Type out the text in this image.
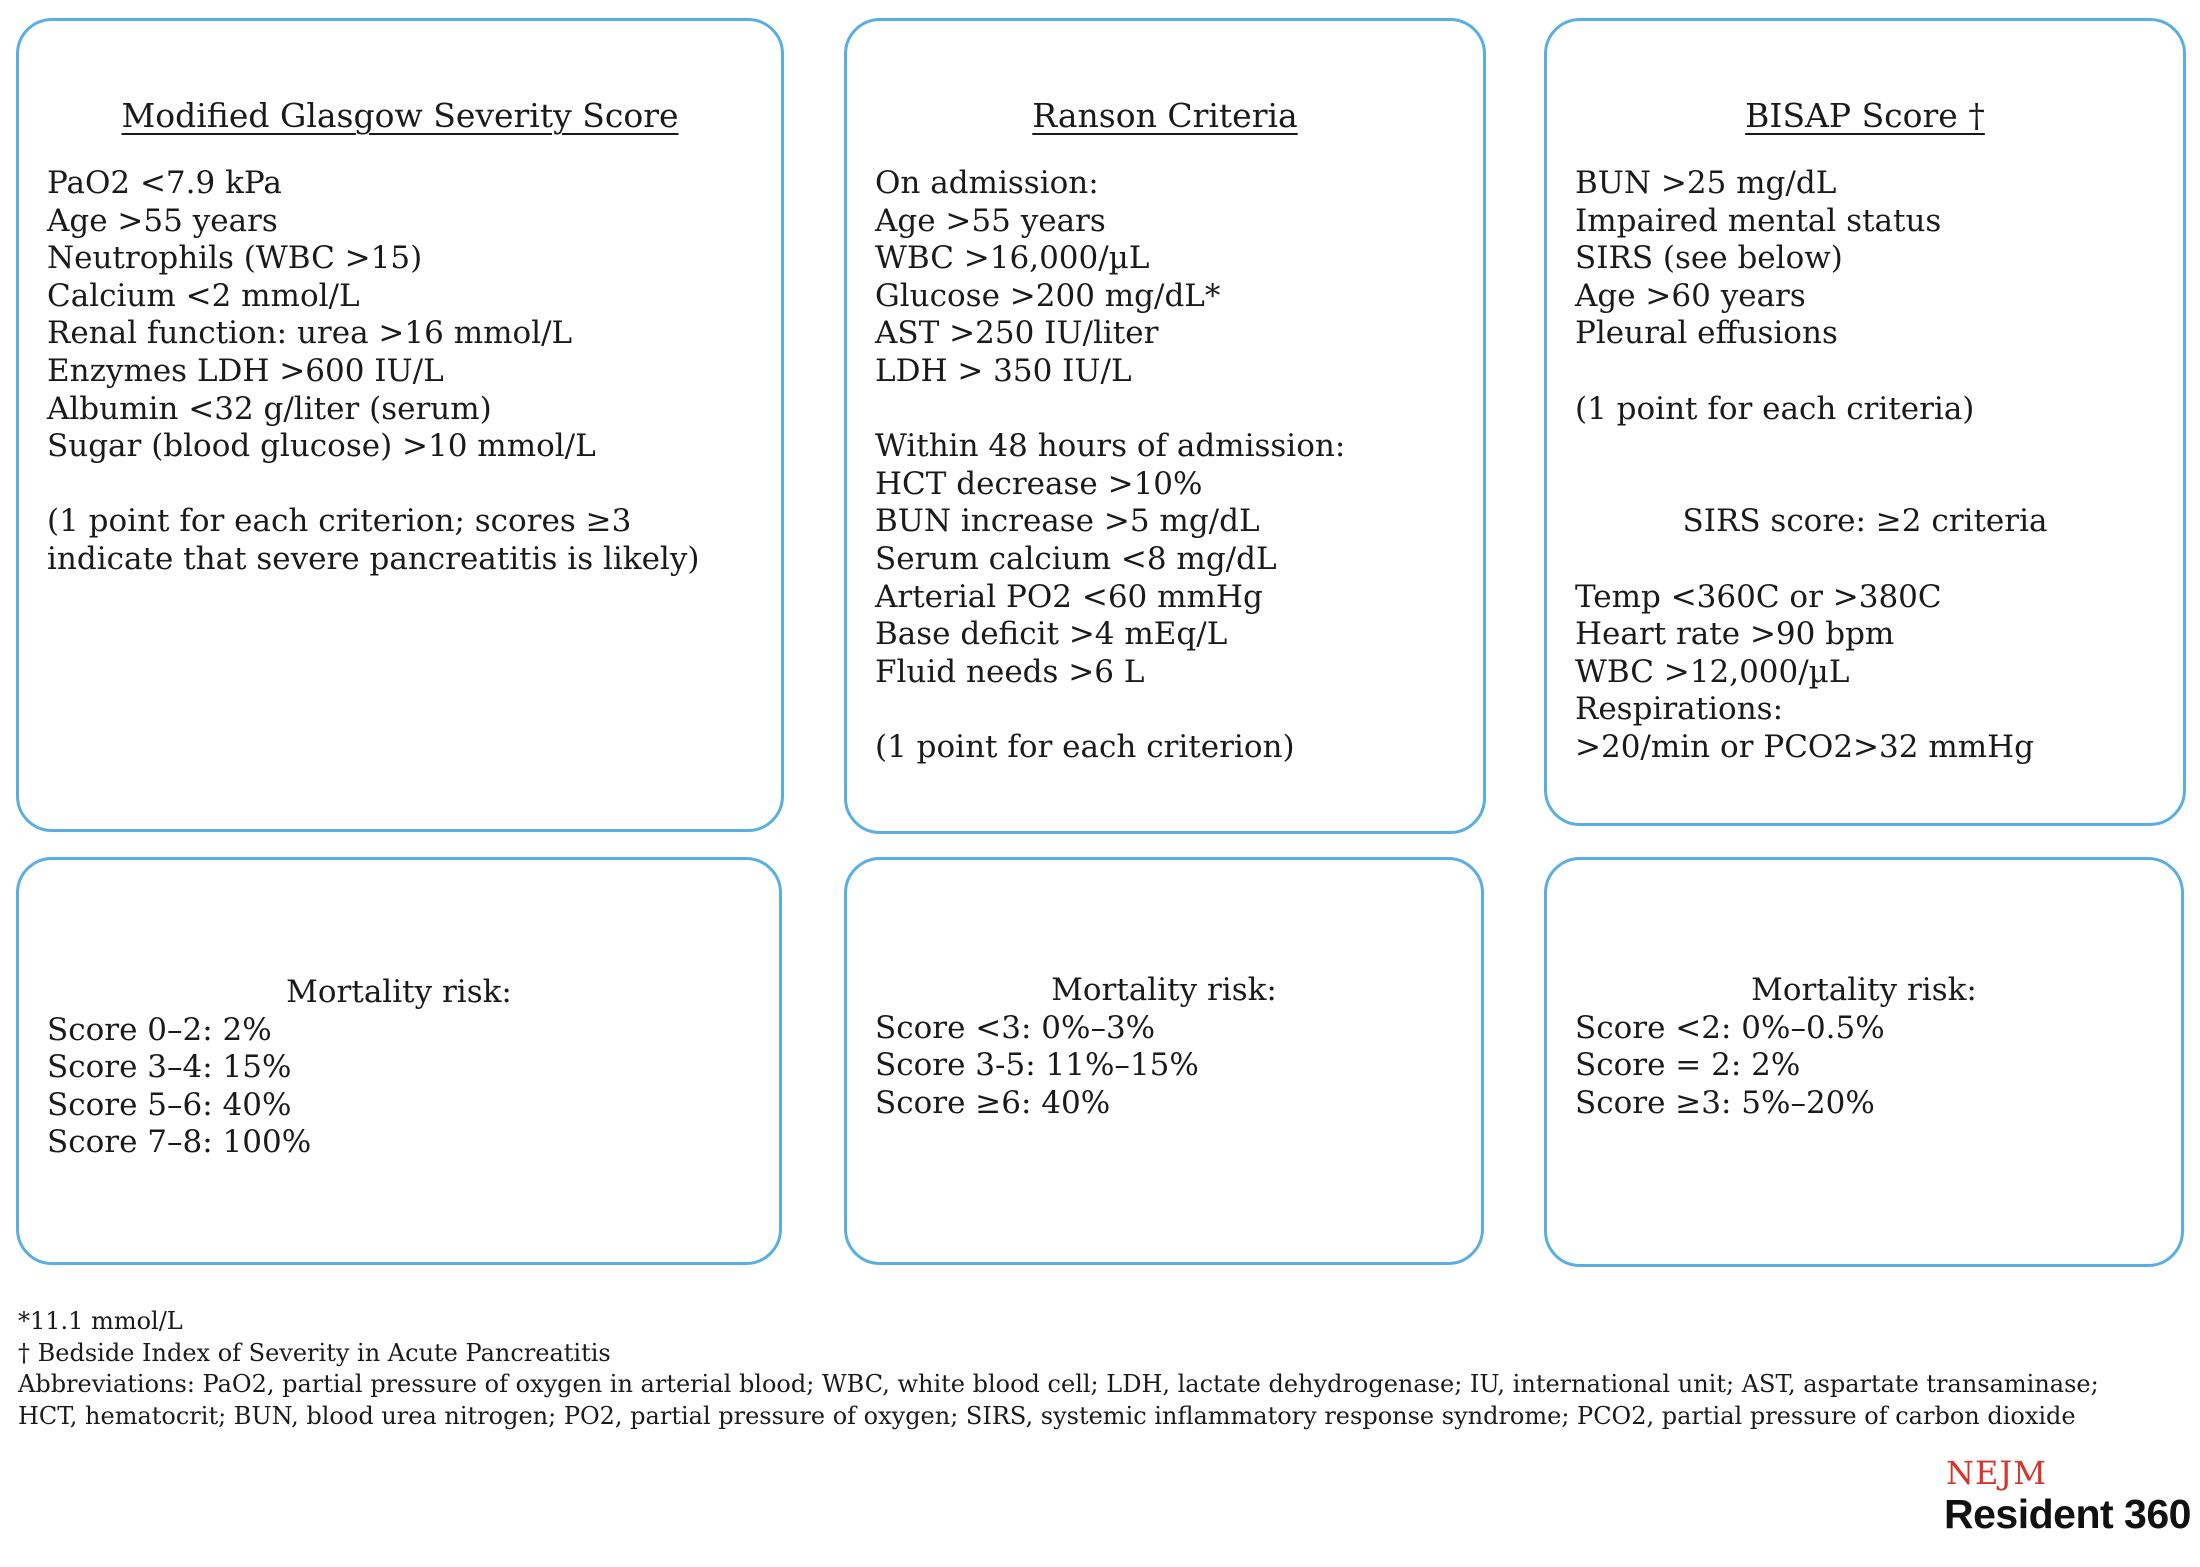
Modified Glasgow Severity Score
PaO2 <7.9 kPa
Age >55 years
Neutrophils (WBC >15)
Calcium <2 mmol/L
Renal function: urea >16 mmol/L
Enzymes LDH >600 IU/L
Albumin <32 g/liter (serum)
Sugar (blood glucose) >10 mmol/L
(1 point for each criterion; scores ≥3 indicate that severe pancreatitis is likely)
Ranson Criteria
On admission:
Age >55 years
WBC >16,000/µL
Glucose >200 mg/dL*
AST >250 IU/liter
LDH > 350 IU/L
Within 48 hours of admission:
HCT decrease >10%
BUN increase >5 mg/dL
Serum calcium <8 mg/dL
Arterial PO2 <60 mmHg
Base deficit >4 mEq/L
Fluid needs >6 L
(1 point for each criterion)
BISAP Score †
BUN >25 mg/dL
Impaired mental status
SIRS (see below)
Age >60 years
Pleural effusions
(1 point for each criteria)
SIRS score: ≥2 criteria
Temp <360C or >380C
Heart rate >90 bpm
WBC >12,000/µL
Respirations:
>20/min or PCO2>32 mmHg
Mortality risk:
Score 0–2: 2%
Score 3–4: 15%
Score 5–6: 40%
Score 7–8: 100%
Mortality risk:
Score <3: 0%–3%
Score 3-5: 11%–15%
Score ≥6: 40%
Mortality risk:
Score <2: 0%–0.5%
Score = 2: 2%
Score ≥3: 5%–20%
*11.1 mmol/L
† Bedside Index of Severity in Acute Pancreatitis
Abbreviations: PaO2, partial pressure of oxygen in arterial blood; WBC, white blood cell; LDH, lactate dehydrogenase; IU, international unit; AST, aspartate transaminase;
HCT, hematocrit; BUN, blood urea nitrogen; PO2, partial pressure of oxygen; SIRS, systemic inflammatory response syndrome; PCO2, partial pressure of carbon dioxide
NEJM
Resident 360
